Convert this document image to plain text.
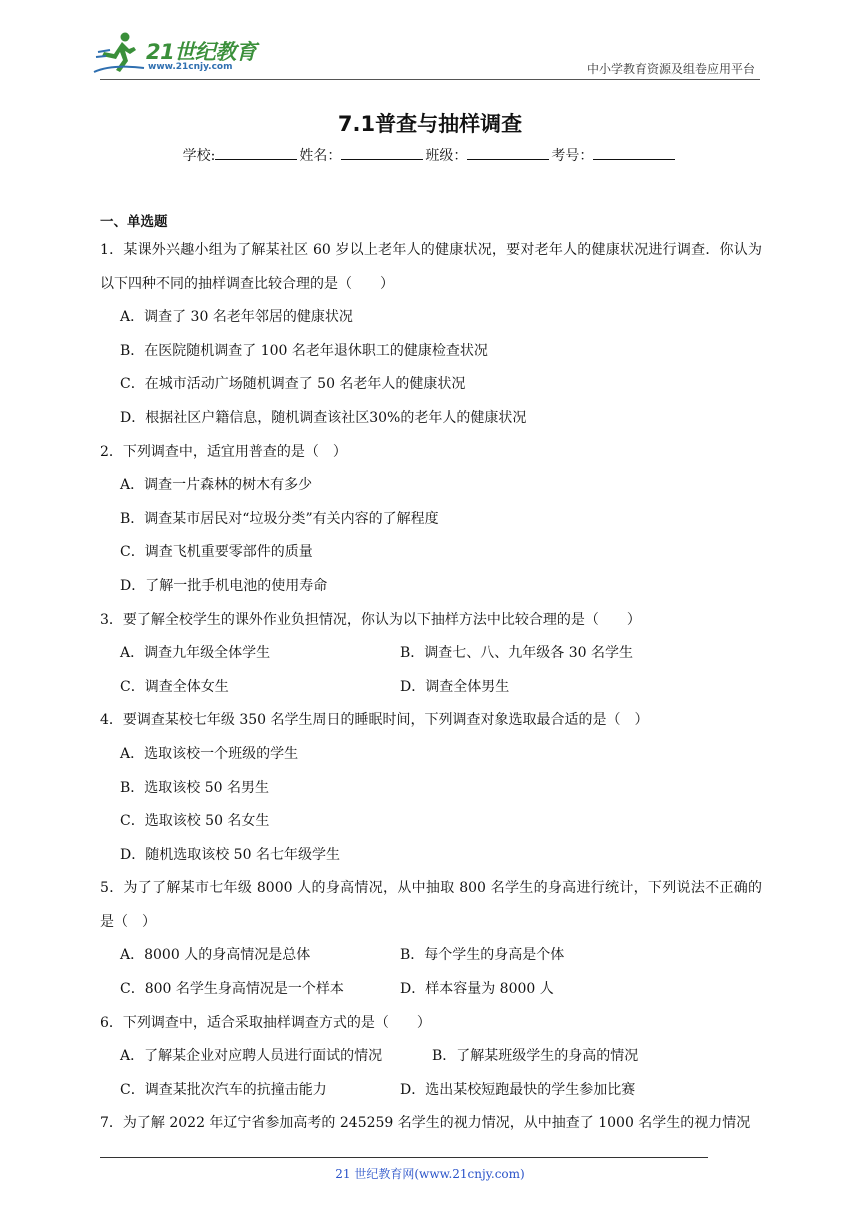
21世纪教育
www.21cnjy.com	中小学教育资源及组卷应用平台
7.1普查与抽样调查
学校:	姓名：	班级：	考号：
一、单选题
1．某课外兴趣小组为了解某社区 60 岁以上老年人的健康状况，要对老年人的健康状况进行调查．你认为以下四种不同的抽样调查比较合理的是（　　）
A．调查了 30 名老年邻居的健康状况
B．在医院随机调查了 100 名老年退休职工的健康检查状况
C．在城市活动广场随机调查了 50 名老年人的健康状况
D．根据社区户籍信息，随机调查该社区30%的老年人的健康状况
2．下列调查中，适宜用普查的是（　）
A．调查一片森林的树木有多少
B．调查某市居民对“垃圾分类”有关内容的了解程度
C．调查飞机重要零部件的质量
D．了解一批手机电池的使用寿命
3．要了解全校学生的课外作业负担情况，你认为以下抽样方法中比较合理的是（　　）
A．调查九年级全体学生	B．调查七、八、九年级各 30 名学生
C．调查全体女生	D．调查全体男生
4．要调查某校七年级 350 名学生周日的睡眠时间，下列调查对象选取最合适的是（　）
A．选取该校一个班级的学生
B．选取该校 50 名男生
C．选取该校 50 名女生
D．随机选取该校 50 名七年级学生
5．为了了解某市七年级 8000 人的身高情况，从中抽取 800 名学生的身高进行统计，下列说法不正确的是（　）
A．8000 人的身高情况是总体	B．每个学生的身高是个体
C．800 名学生身高情况是一个样本	D．样本容量为 8000 人
6．下列调查中，适合采取抽样调查方式的是（　　）
A．了解某企业对应聘人员进行面试的情况	B．了解某班级学生的身高的情况
C．调查某批次汽车的抗撞击能力	D．选出某校短跑最快的学生参加比赛
7．为了解 2022 年辽宁省参加高考的 245259 名学生的视力情况，从中抽查了 1000 名学生的视力情况
21 世纪教育网(www.21cnjy.com)
